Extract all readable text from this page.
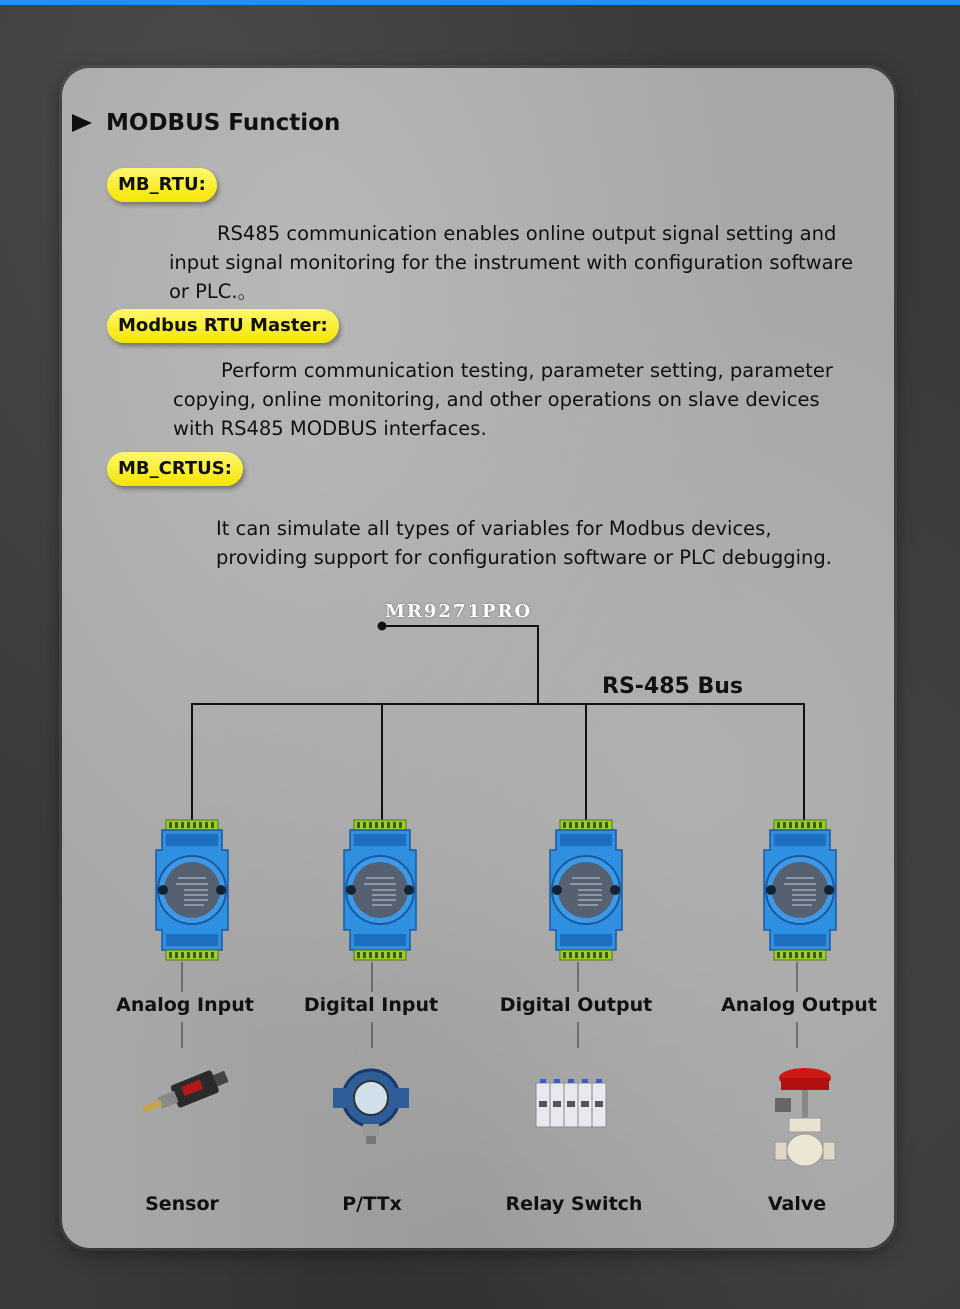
MODBUS Function
MB_RTU:
RS485 communication enables online output signal setting and input signal monitoring for the instrument with configuration software or PLC.。
Modbus RTU Master:
Perform communication testing, parameter setting, parameter copying, online monitoring, and other operations on slave devices with RS485 MODBUS interfaces.
MB_CRTUS:
It can simulate all types of variables for Modbus devices, providing support for configuration software or PLC debugging.
MR9271PRO
RS-485 Bus
Analog Input	Digital Input	Digital Output	Analog Output
Sensor	P/TTx	Relay Switch	Valve
